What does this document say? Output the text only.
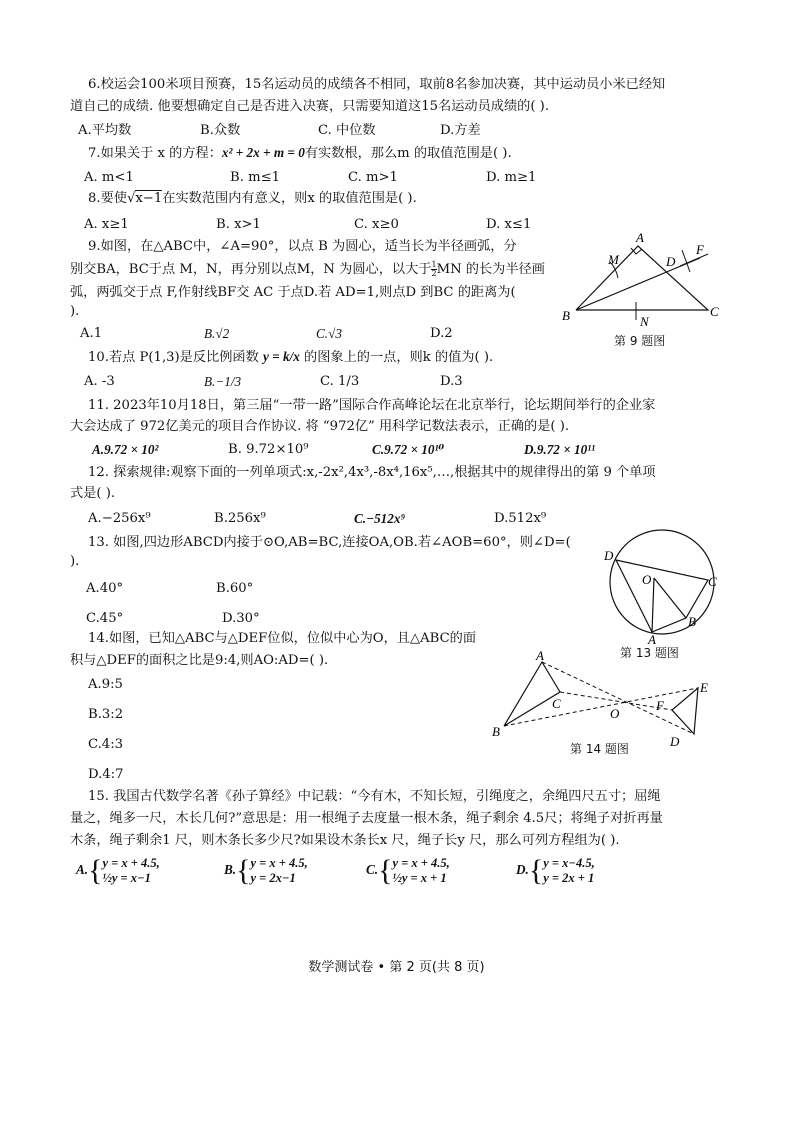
6.校运会100米项目预赛，15名运动员的成绩各不相同，取前8名参加决赛，其中运动员小米已经知
道自己的成绩. 他要想确定自己是否进入决赛，只需要知道这15名运动员成绩的( ).
A.平均数	B.众数	C. 中位数	D.方差
7.如果关于 x 的方程：x² + 2x + m = 0有实数根，那么m 的取值范围是( ).
A. m<1	B. m≤1	C. m>1	D. m≥1
8.要使√x−1在实数范围内有意义，则x 的取值范围是( ).
A. x≥1	B. x>1	C. x≥0	D. x≤1
9.如图，在△ABC中，∠A=90°，以点 B 为圆心，适当长为半径画弧，分
别交BA，BC于点 M，N，再分别以点M，N 为圆心，以大于 $\frac{1}{2}$ MN 的长为半径画
弧，两弧交于点 F,作射线BF交 AC 于点D.若 AD=1,则点D 到BC 的距离为(
).
A.1	B.√2	C.√3	D.2
A
M	D
F
B	N
C
第 9 题图
10.若点 P(1,3)是反比例函数 y = k/x 的图象上的一点，则k 的值为( ).
A. -3	B.−1/3	C. 1/3	D.3
11. 2023年10月18日，第三届“一带一路”国际合作高峰论坛在北京举行，论坛期间举行的企业家
大会达成了 972亿美元的项目合作协议. 将 “972亿” 用科学记数法表示，正确的是( ).
A.9.72 × 10²	B. 9.72×10⁹	C.9.72 × 10¹⁰	D.9.72 × 10¹¹
12. 探索规律:观察下面的一列单项式:x,-2x²,4x³,-8x⁴,16x⁵,…,根据其中的规律得出的第 9 个单项
式是( ).
A.−256x⁹	B.256x⁹	C.−512x⁹	D.512x⁹
13. 如图,四边形ABCD内接于⊙O,AB=BC,连接OA,OB.若∠AOB=60°，则∠D=(
).
A.40°	B.60°
C.45°	D.30°
D
O	C
B
A
第 13 题图
14.如图，已知△ABC与△DEF位似，位似中心为O，且△ABC的面
积与△DEF的面积之比是9:4,则AO:AD=( ).
A.9:5
B.3:2
C.4:3
D.4:7
A
C
B
O
E
F
D
第 14 题图
15. 我国古代数学名著《孙子算经》中记载：“今有木，不知长短，引绳度之，余绳四尺五寸；屈绳
量之，绳多一尺，木长几何?”意思是：用一根绳子去度量一根木条，绳子剩余 4.5尺；将绳子对折再量
木条，绳子剩余1 尺，则木条长多少尺?如果设木条长x 尺，绳子长y 尺，那么可列方程组为( ).
A.{ y = x + 4.5,
½y = x−1
B.{ y = x + 4.5,
y = 2x−1
C.{ y = x + 4.5,
½y = x + 1
D.{ y = x−4.5,
y = 2x + 1
数学测试卷 • 第 2 页(共 8 页)
